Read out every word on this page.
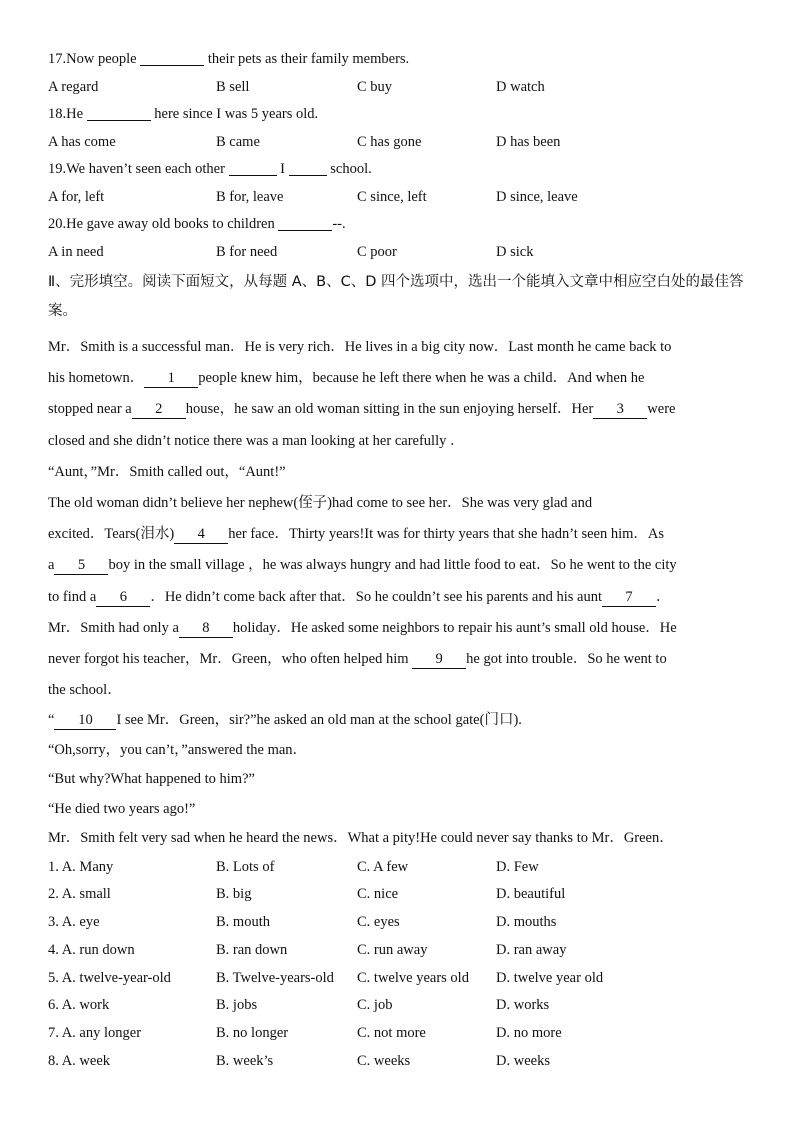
17.Now people	their pets as their family members.
A regard	B sell	C buy	D watch
18.He	here since I was 5 years old.
A has come	B came	C has gone	D has been
19.We haven’t seen each other	I	school.
A for, left	B for, leave	C since, left	D since, leave
20.He gave away old books to children	--.
A in need	B for need	C poor	D sick
Ⅱ、完形填空。阅读下面短文，从每题 A、B、C、D 四个选项中，选出一个能填入文章中相应空白处的最佳答案。
Mr．Smith is a successful man．He is very rich．He lives in a big city now．Last month he came back to
his hometown． 1 people knew him，because he left there when he was a child．And when he
stopped near a 2 house，he saw an old woman sitting in the sun enjoying herself．Her 3 were
closed and she didn’t notice there was a man looking at her carefully ．
“Aunt，”Mr．Smith called out，“Aunt!”
The old woman didn’t believe her nephew(侄子)had come to see her．She was very glad and
excited．Tears(泪水) 4 her face．Thirty years!It was for thirty years that she hadn’t seen him．As
a 5 boy in the small village ，he was always hungry and had little food to eat．So he went to the city
to find a 6 ．He didn’t come back after that．So he couldn’t see his parents and his aunt 7 ．
Mr．Smith had only a 8 holiday．He asked some neighbors to repair his aunt’s small old house．He
never forgot his teacher，Mr．Green，who often helped him 9 he got into trouble．So he went to
the school．
“ 10 I see Mr．Green，sir?”he asked an old man at the school gate(门口).
“Oh,sorry，you can’t，”answered the man．
“But why?What happened to him?”
“He died two years ago!”
Mr．Smith felt very sad when he heard the news．What a pity!He could never say thanks to Mr．Green．
1. A. Many	B. Lots of	C. A few	D. Few
2. A. small	B. big	C. nice	D. beautiful
3. A. eye	B. mouth	C. eyes	D. mouths
4. A. run down	B. ran down	C. run away	D. ran away
5. A. twelve-year-old	B. Twelve-years-old	C. twelve years old	D. twelve year old
6. A. work	B. jobs	C. job	D. works
7. A. any longer	B. no longer	C. not more	D. no more
8. A. week	B. week’s	C. weeks	D. weeks
